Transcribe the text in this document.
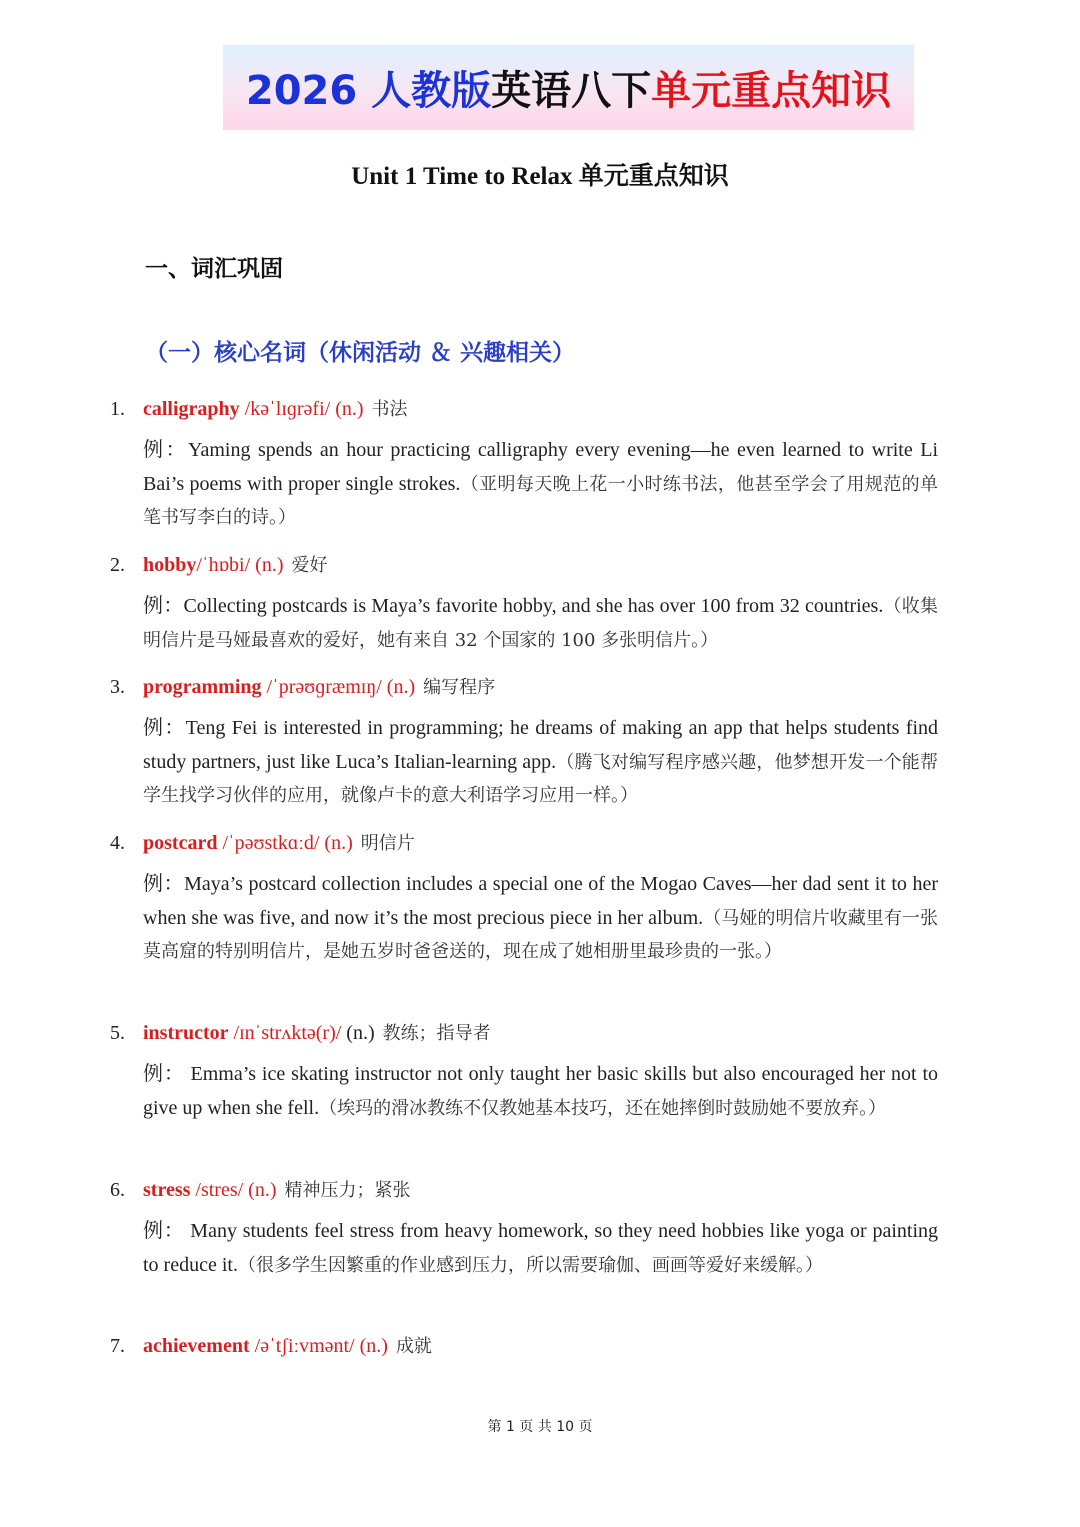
2026 人教版 英语八下 单元重点知识
Unit 1 Time to Relax 单元重点知识
一、词汇巩固
（一）核心名词（休闲活动 ＆ 兴趣相关）
1. calligraphy /kəˈlɪɡrəfi/ (n.) 书法
例：Yaming spends an hour practicing calligraphy every evening—he even learned to write Li Bai’s poems with proper single strokes.（亚明每天晚上花一小时练书法，他甚至学会了用规范的单笔书写李白的诗。）
2. hobby/ˈhɒbi/ (n.) 爱好
例：Collecting postcards is Maya’s favorite hobby, and she has over 100 from 32 countries.（收集明信片是马娅最喜欢的爱好，她有来自 32 个国家的 100 多张明信片。）
3. programming /ˈprəʊɡræmɪŋ/ (n.) 编写程序
例：Teng Fei is interested in programming; he dreams of making an app that helps students find study partners, just like Luca’s Italian-learning app.（腾飞对编写程序感兴趣，他梦想开发一个能帮学生找学习伙伴的应用，就像卢卡的意大利语学习应用一样。）
4. postcard /ˈpəʊstkɑːd/ (n.) 明信片
例：Maya’s postcard collection includes a special one of the Mogao Caves—her dad sent it to her when she was five, and now it’s the most precious piece in her album.（马娅的明信片收藏里有一张莫高窟的特别明信片，是她五岁时爸爸送的，现在成了她相册里最珍贵的一张。）
5. instructor /ɪnˈstrʌktə(r)/ (n.) 教练；指导者
例： Emma’s ice skating instructor not only taught her basic skills but also encouraged her not to give up when she fell.（埃玛的滑冰教练不仅教她基本技巧，还在她摔倒时鼓励她不要放弃。）
6. stress /stres/ (n.) 精神压力；紧张
例： Many students feel stress from heavy homework, so they need hobbies like yoga or painting to reduce it.（很多学生因繁重的作业感到压力，所以需要瑜伽、画画等爱好来缓解。）
7. achievement /əˈtʃiːvmənt/ (n.) 成就
第 1 页 共 10 页
